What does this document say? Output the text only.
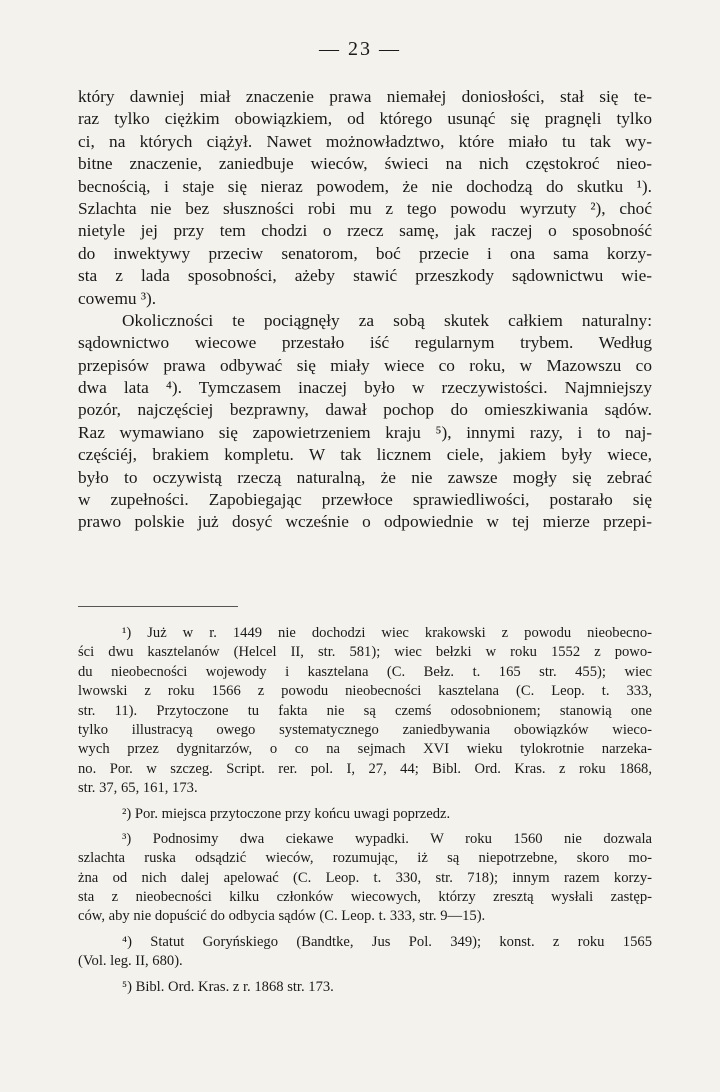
— 23 —
który dawniej miał znaczenie prawa niemałej doniosłości, stał się te-
raz tylko ciężkim obowiązkiem, od którego usunąć się pragnęli tylko
ci, na których ciążył. Nawet możnowładztwo, które miało tu tak wy-
bitne znaczenie, zaniedbuje wieców, świeci na nich częstokroć nieo-
becnością, i staje się nieraz powodem, że nie dochodzą do skutku ¹).
Szlachta nie bez słuszności robi mu z tego powodu wyrzuty ²), choć
nietyle jej przy tem chodzi o rzecz samę, jak raczej o sposobność
do inwektywy przeciw senatorom, boć przecie i ona sama korzy-
sta z lada sposobności, ażeby stawić przeszkody sądownictwu wie-
cowemu ³).
Okoliczności te pociągnęły za sobą skutek całkiem naturalny:
sądownictwo wiecowe przestało iść regularnym trybem. Według
przepisów prawa odbywać się miały wiece co roku, w Mazowszu co
dwa lata ⁴). Tymczasem inaczej było w rzeczywistości. Najmniejszy
pozór, najczęściej bezprawny, dawał pochop do omieszkiwania sądów.
Raz wymawiano się zapowietrzeniem kraju ⁵), innymi razy, i to naj-
częściéj, brakiem kompletu. W tak licznem ciele, jakiem były wiece,
było to oczywistą rzeczą naturalną, że nie zawsze mogły się zebrać
w zupełności. Zapobiegając przewłoce sprawiedliwości, postarało się
prawo polskie już dosyć wcześnie o odpowiednie w tej mierze przepi-
¹) Już w r. 1449 nie dochodzi wiec krakowski z powodu nieobecno-
ści dwu kasztelanów (Helcel II, str. 581); wiec bełzki w roku 1552 z powo-
du nieobecności wojewody i kasztelana (C. Bełz. t. 165 str. 455); wiec
lwowski z roku 1566 z powodu nieobecności kasztelana (C. Leop. t. 333,
str. 11). Przytoczone tu fakta nie są czemś odosobnionem; stanowią one
tylko illustracyą owego systematycznego zaniedbywania obowiązków wieco-
wych przez dygnitarzów, o co na sejmach XVI wieku tylokrotnie narzeka-
no. Por. w szczeg. Script. rer. pol. I, 27, 44; Bibl. Ord. Kras. z roku 1868,
str. 37, 65, 161, 173.
²) Por. miejsca przytoczone przy końcu uwagi poprzedz.
³) Podnosimy dwa ciekawe wypadki. W roku 1560 nie dozwala
szlachta ruska odsądzić wieców, rozumując, iż są niepotrzebne, skoro mo-
żna od nich dalej apelować (C. Leop. t. 330, str. 718); innym razem korzy-
sta z nieobecności kilku członków wiecowych, którzy zresztą wysłali zastęp-
ców, aby nie dopuścić do odbycia sądów (C. Leop. t. 333, str. 9—15).
⁴) Statut Goryńskiego (Bandtke, Jus Pol. 349); konst. z roku 1565
(Vol. leg. II, 680).
⁵) Bibl. Ord. Kras. z r. 1868 str. 173.
